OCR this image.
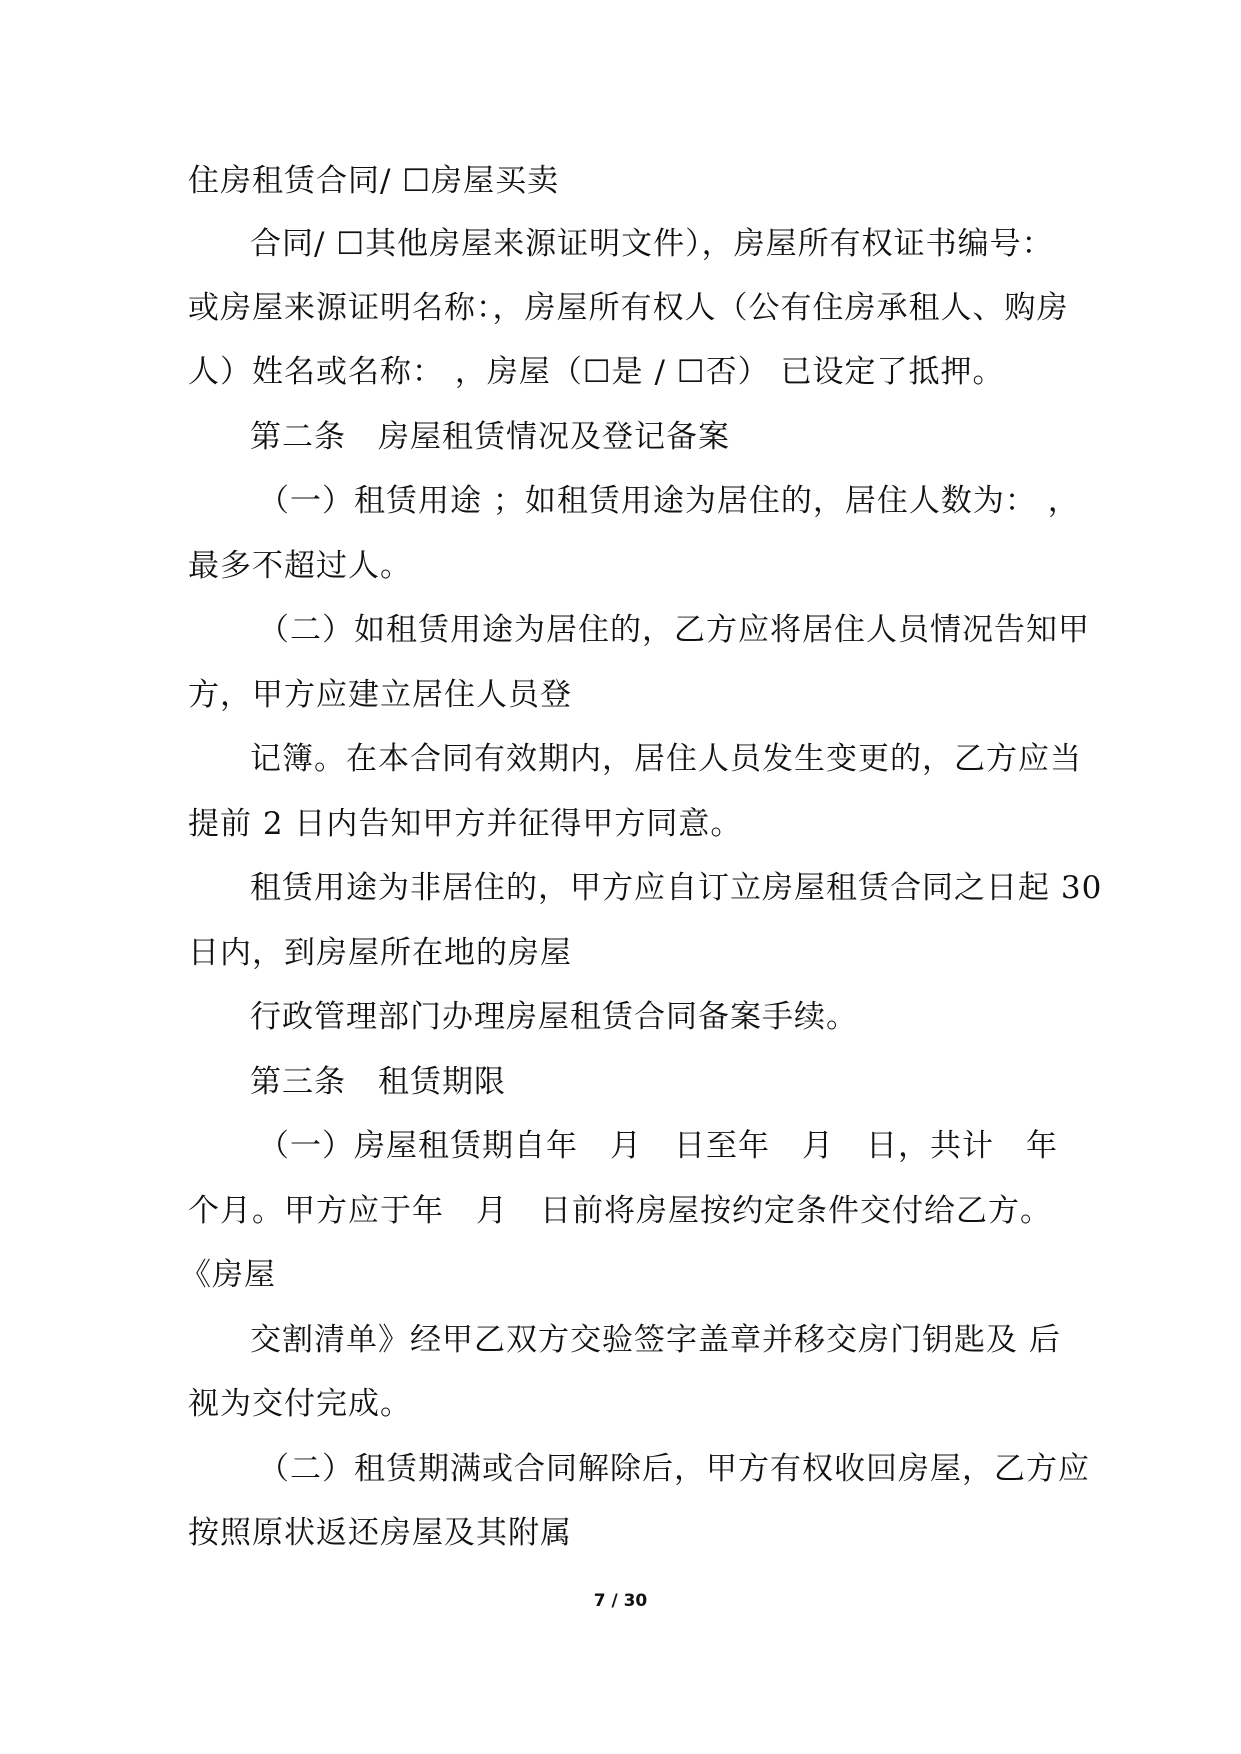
住房租赁合同/ ☐房屋买卖
合同/ ☐其他房屋来源证明文件），房屋所有权证书编号：
或房屋来源证明名称：，房屋所有权人（公有住房承租人、购房
人）姓名或名称： ，房屋（☐是 / ☐否） 已设定了抵押。
第二条　房屋租赁情况及登记备案
（一）租赁用途 ；如租赁用途为居住的，居住人数为： ，
最多不超过人。
（二）如租赁用途为居住的，乙方应将居住人员情况告知甲
方，甲方应建立居住人员登
记簿。在本合同有效期内，居住人员发生变更的，乙方应当
提前 2 日内告知甲方并征得甲方同意。
租赁用途为非居住的，甲方应自订立房屋租赁合同之日起 30
日内，到房屋所在地的房屋
行政管理部门办理房屋租赁合同备案手续。
第三条　租赁期限
（一）房屋租赁期自年　月　日至年　月　日，共计　年
个月。甲方应于年　月　日前将房屋按约定条件交付给乙方。
《房屋
交割清单》经甲乙双方交验签字盖章并移交房门钥匙及 后
视为交付完成。
（二）租赁期满或合同解除后，甲方有权收回房屋，乙方应
按照原状返还房屋及其附属
7 / 30
